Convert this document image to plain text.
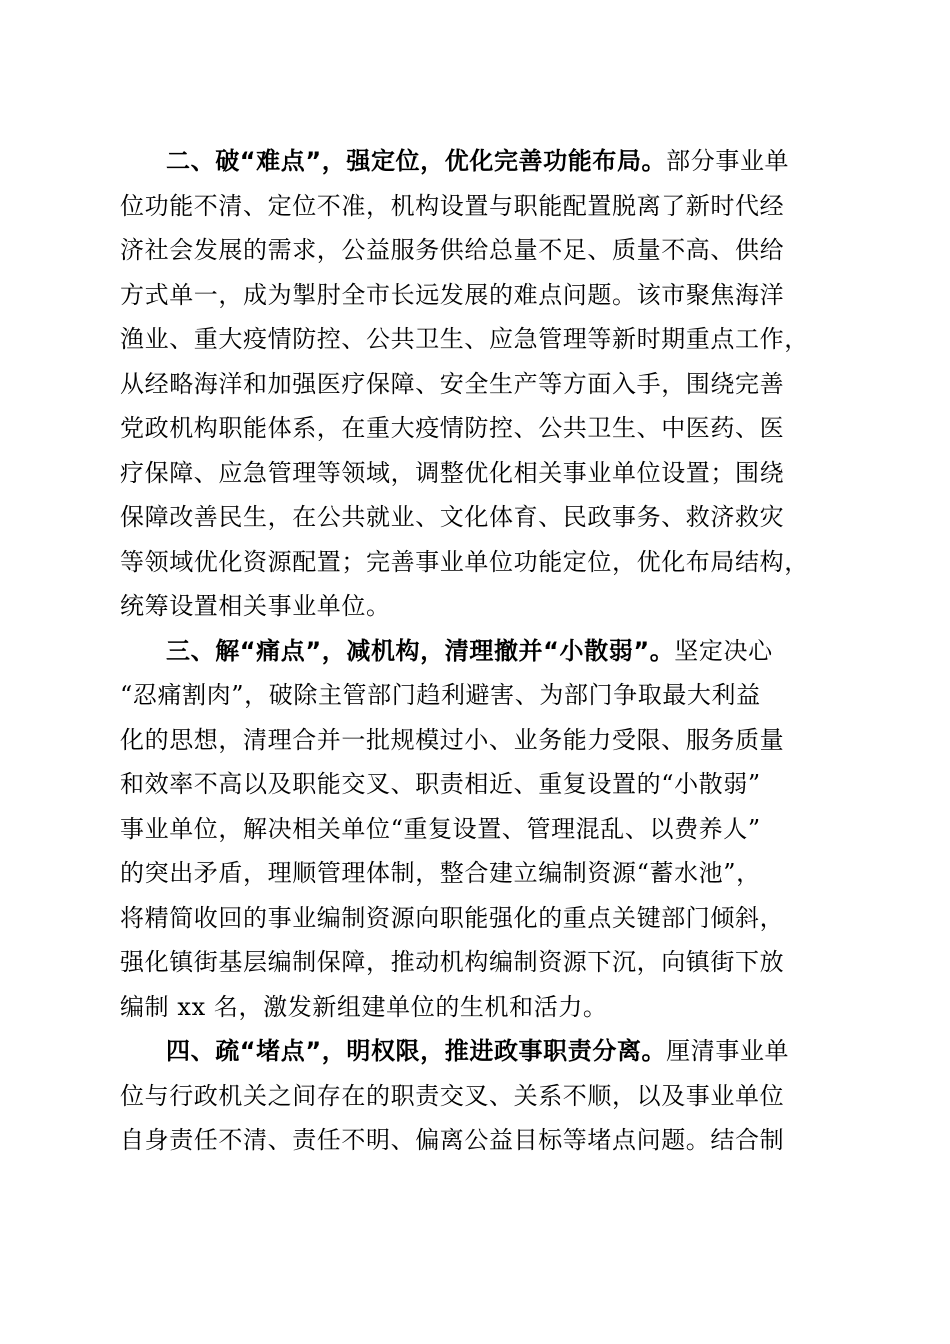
二、破“难点”，强定位，优化完善功能布局。部分事业单
位功能不清、定位不准，机构设置与职能配置脱离了新时代经
济社会发展的需求，公益服务供给总量不足、质量不高、供给
方式单一，成为掣肘全市长远发展的难点问题。该市聚焦海洋
渔业、重大疫情防控、公共卫生、应急管理等新时期重点工作，
从经略海洋和加强医疗保障、安全生产等方面入手，围绕完善
党政机构职能体系，在重大疫情防控、公共卫生、中医药、医
疗保障、应急管理等领域，调整优化相关事业单位设置；围绕
保障改善民生，在公共就业、文化体育、民政事务、救济救灾
等领域优化资源配置；完善事业单位功能定位，优化布局结构，
统筹设置相关事业单位。
三、解“痛点”，减机构，清理撤并“小散弱”。坚定决心
“忍痛割肉”，破除主管部门趋利避害、为部门争取最大利益
化的思想，清理合并一批规模过小、业务能力受限、服务质量
和效率不高以及职能交叉、职责相近、重复设置的“小散弱”
事业单位，解决相关单位“重复设置、管理混乱、以费养人”
的突出矛盾，理顺管理体制，整合建立编制资源“蓄水池”，
将精简收回的事业编制资源向职能强化的重点关键部门倾斜，
强化镇街基层编制保障，推动机构编制资源下沉，向镇街下放
编制 xx 名，激发新组建单位的生机和活力。
四、疏“堵点”，明权限，推进政事职责分离。厘清事业单
位与行政机关之间存在的职责交叉、关系不顺，以及事业单位
自身责任不清、责任不明、偏离公益目标等堵点问题。结合制
